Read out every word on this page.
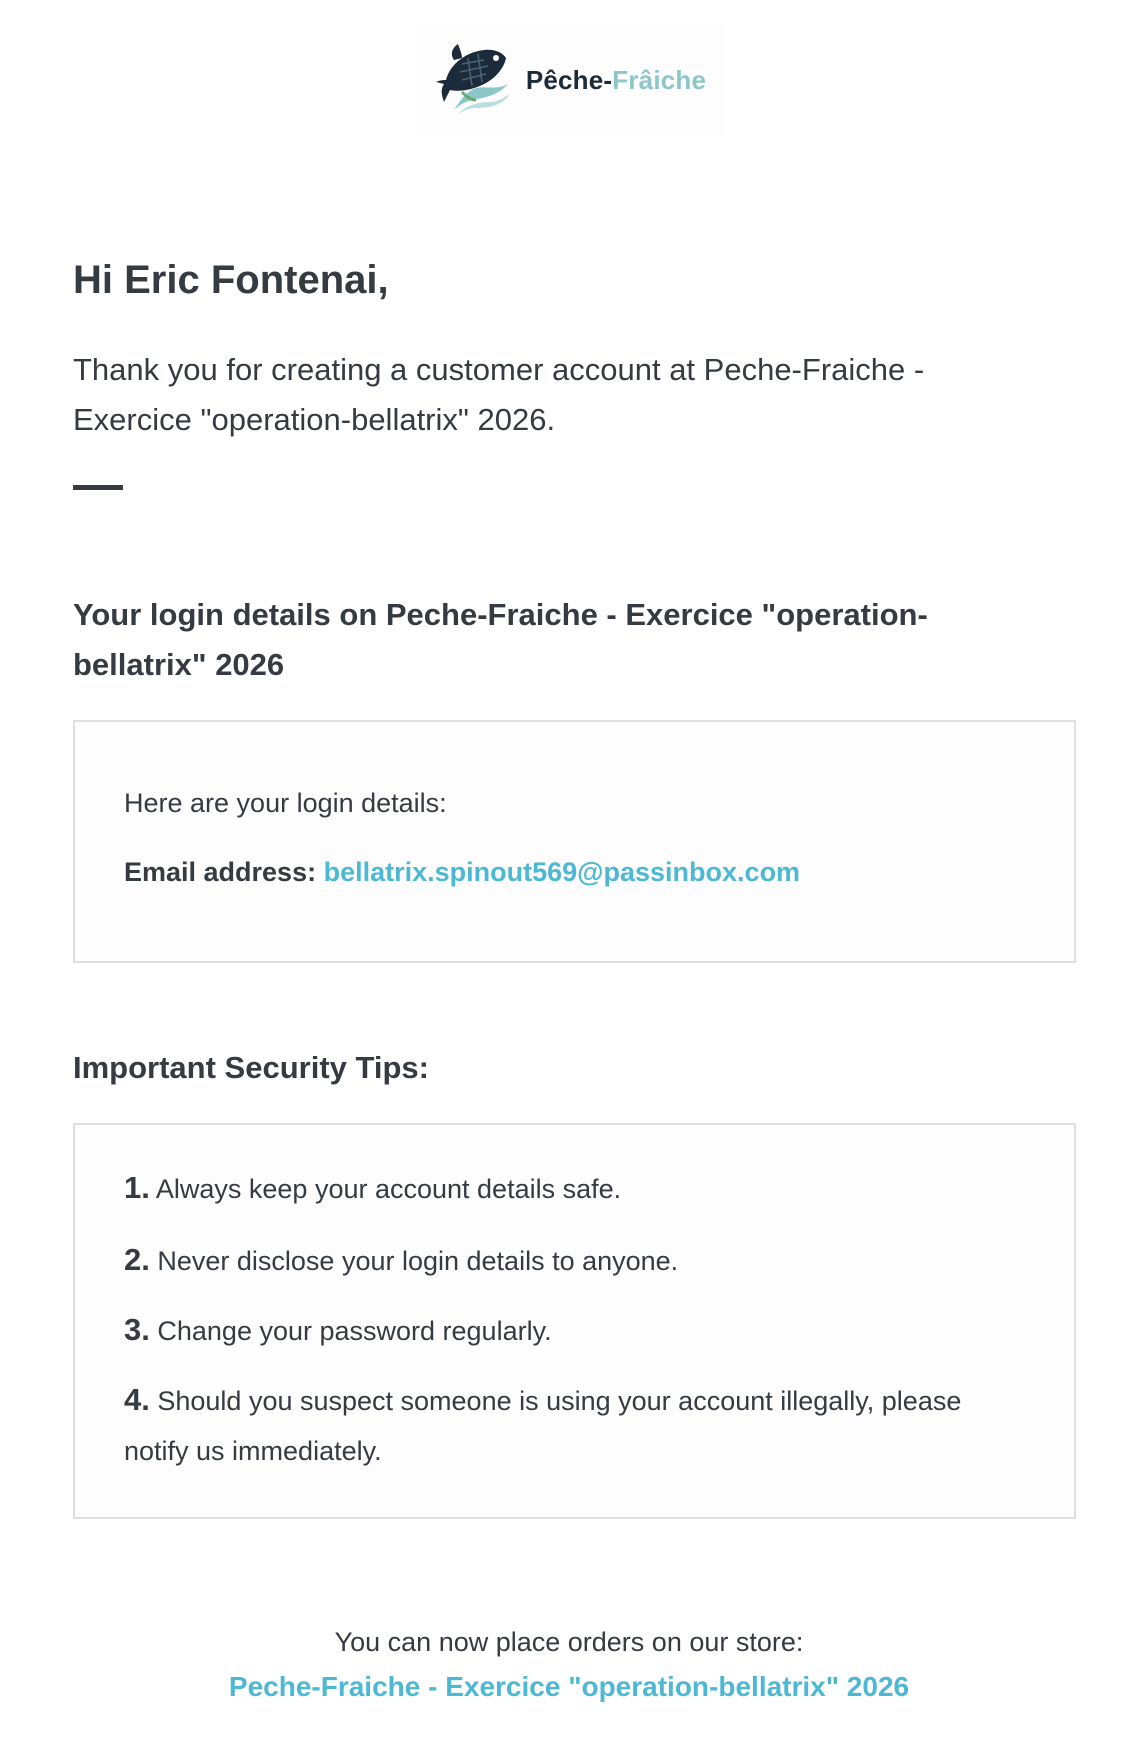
Pêche-Frâiche
Hi Eric Fontenai,

Thank you for creating a customer account at Peche-Fraiche - Exercice "operation-bellatrix" 2026.

Your login details on Peche-Fraiche - Exercice "operation-bellatrix" 2026

Here are your login details:

Email address: bellatrix.spinout569@passinbox.com

Important Security Tips:

1. Always keep your account details safe.

2. Never disclose your login details to anyone.

3. Change your password regularly.

4. Should you suspect someone is using your account illegally, please notify us immediately.

You can now place orders on our store:

Peche-Fraiche - Exercice "operation-bellatrix" 2026
